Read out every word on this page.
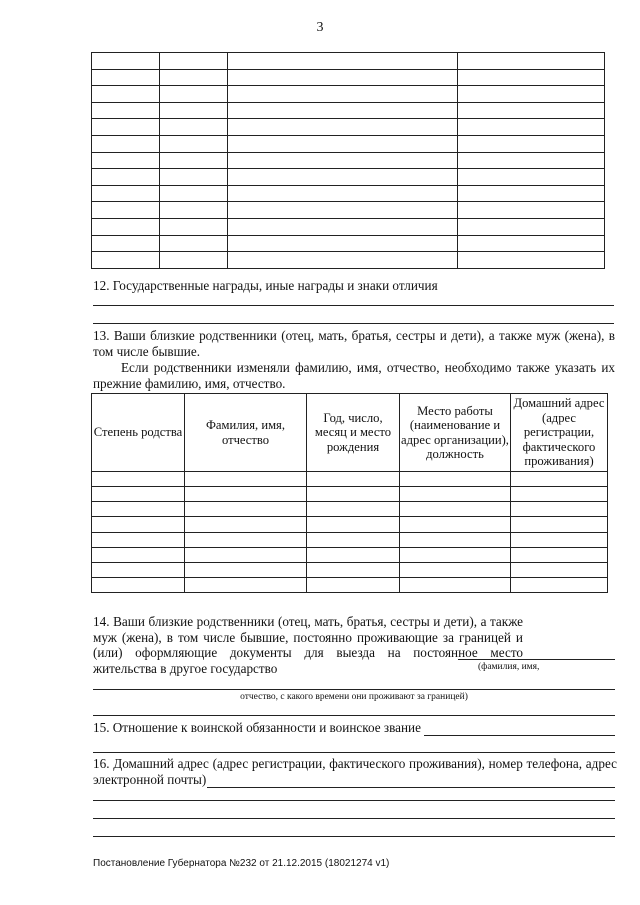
3

12. Государственные награды, иные награды и знаки отличия
13. Ваши близкие родственники (отец, мать, братья, сестры и дети), а также муж (жена), в том числе бывшие.
Если родственники изменяли фамилию, имя, отчество, необходимо также указать их прежние фамилию, имя, отчество.
Степень родства	Фамилия, имя, отчество	Год, число, месяц и место рождения	Место работы (наименование и адрес организации), должность	Домашний адрес (адрес регистрации, фактического проживания)

14. Ваши близкие родственники (отец, мать, братья, сестры и дети), а также муж (жена), в том числе бывшие, постоянно проживающие за границей и (или) оформляющие документы для выезда на постоянное место жительства в другое государство	(фамилия, имя,
отчество, с какого времени они проживают за границей)
15. Отношение к воинской обязанности и воинское звание
16. Домашний адрес (адрес регистрации, фактического проживания), номер телефона, адрес электронной почты)
Постановление Губернатора №232 от 21.12.2015 (18021274 v1)
